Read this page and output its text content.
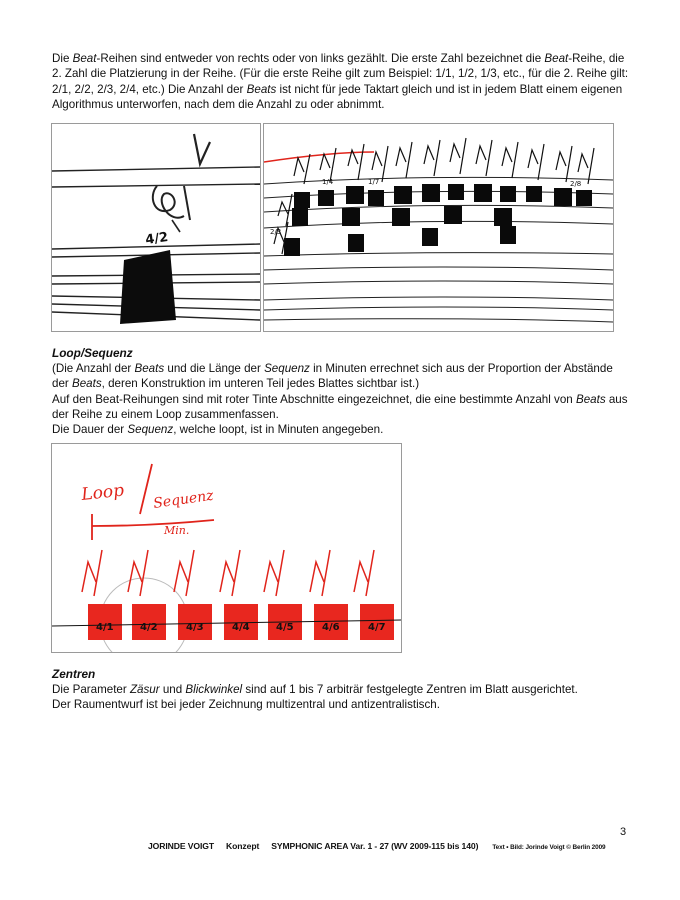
Die Beat-Reihen sind entweder von rechts oder von links gezählt. Die erste Zahl bezeichnet die Beat-Reihe, die 2. Zahl die Platzierung in der Reihe. (Für die erste Reihe gilt zum Beispiel: 1/1, 1/2, 1/3, etc., für die 2. Reihe gilt: 2/1, 2/2, 2/3, 2/4, etc.) Die Anzahl der Beats ist nicht für jede Taktart gleich und ist in jedem Blatt einem eigenen Algorithmus unterworfen, nach dem die Anzahl zu oder abnimmt.

4/2	2/3
1/4	1/7	2/8

Loop/Sequenz

(Die Anzahl der Beats und die Länge der Sequenz in Minuten errechnet sich aus der Proportion der Abstände der Beats, deren Konstruktion im unteren Teil jedes Blattes sichtbar ist.)
Auf den Beat-Reihungen sind mit roter Tinte Abschnitte eingezeichnet, die eine bestimmte Anzahl von Beats aus der Reihe zu einem Loop zusammenfassen.
Die Dauer der Sequenz, welche loopt, ist in Minuten angegeben.

Loop Sequenz
Min.
4/1	4/2	4/3	4/4	4/5	4/6	4/7

Zentren

Die Parameter Zäsur und Blickwinkel sind auf 1 bis 7 arbiträr festgelegte Zentren im Blatt ausgerichtet.
Der Raumentwurf ist bei jeder Zeichnung multizentral und antizentralistisch.

3
JORINDE VOIGT Konzept SYMPHONIC AREA Var. 1 - 27 (WV 2009-115 bis 140) Text • Bild: Jorinde Voigt © Berlin 2009
